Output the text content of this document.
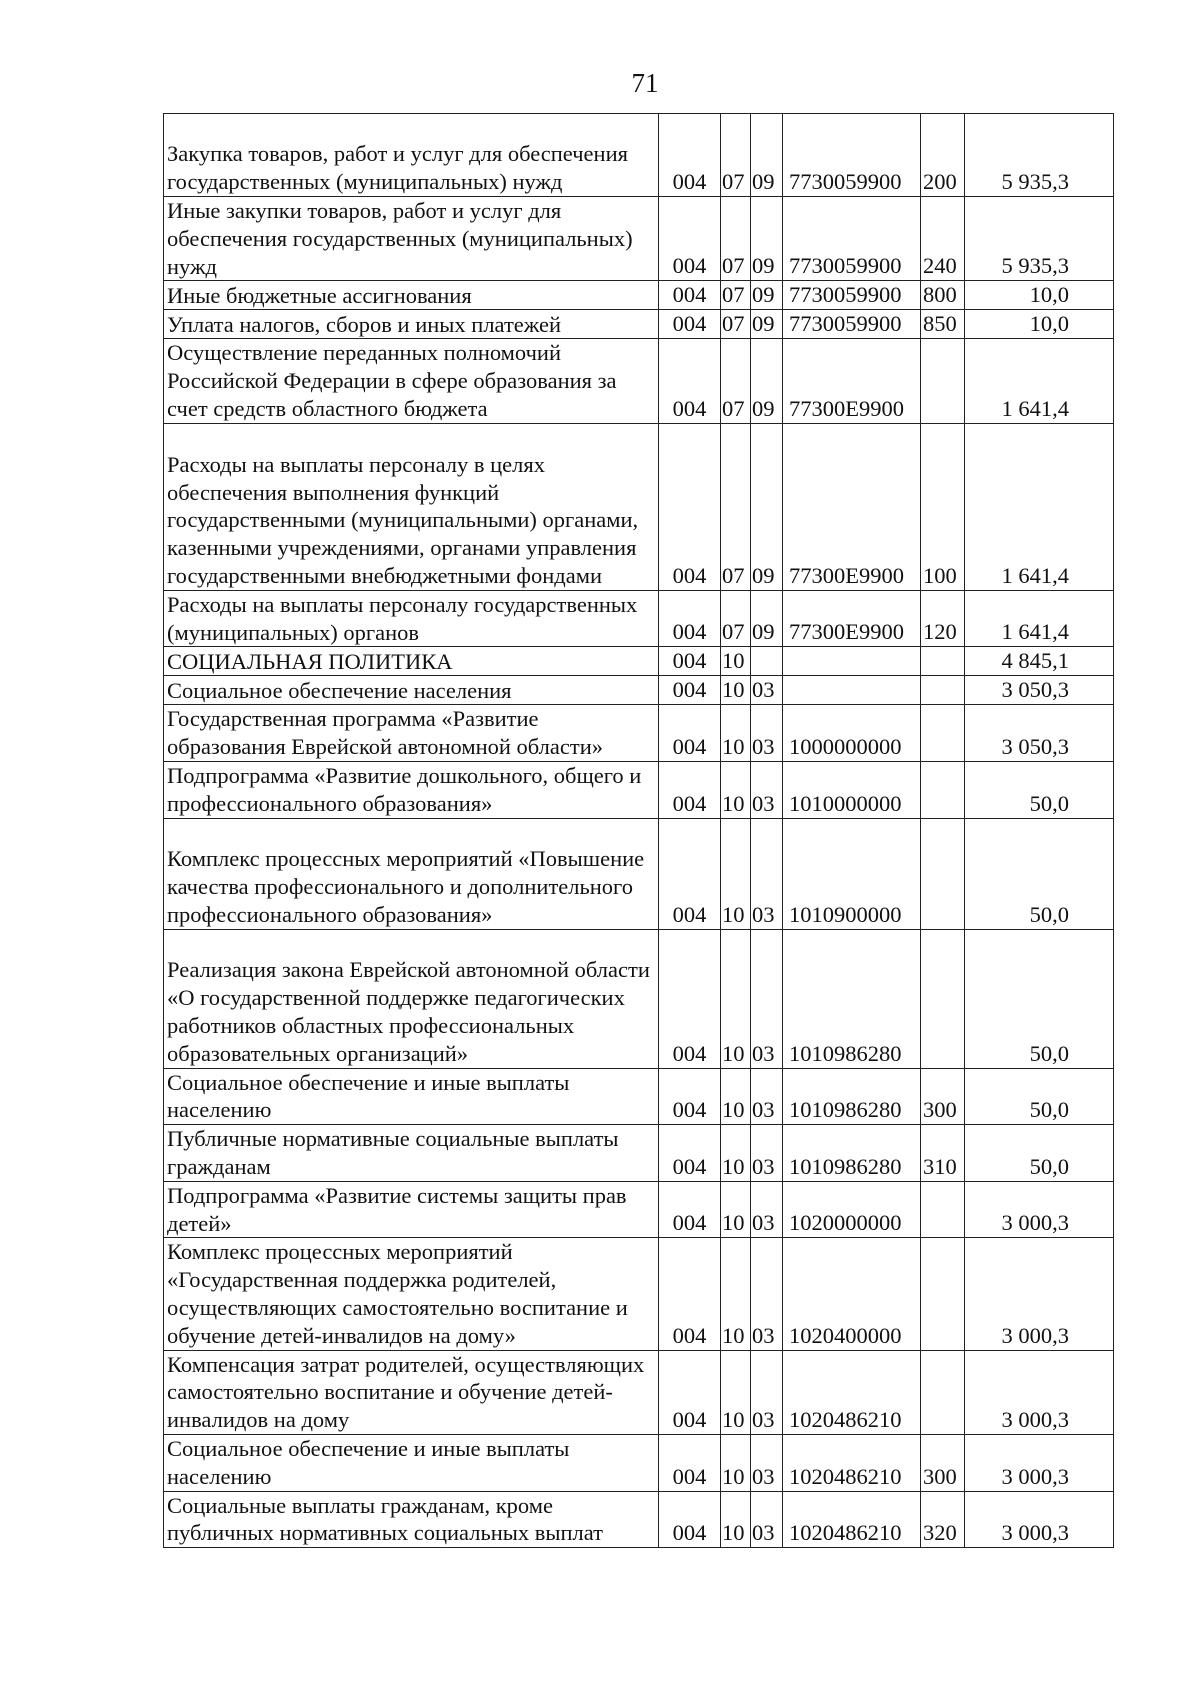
71
Закупка товаров, работ и услуг для обеспечения государственных (муниципальных) нужд	004	07	09	7730059900	200	5 935,3
Иные закупки товаров, работ и услуг для обеспечения государственных (муниципальных) нужд	004	07	09	7730059900	240	5 935,3
Иные бюджетные ассигнования	004	07	09	7730059900	800	10,0
Уплата налогов, сборов и иных платежей	004	07	09	7730059900	850	10,0
Осуществление переданных полномочий Российской Федерации в сфере образования за счет средств областного бюджета	004	07	09	77300E9900		1 641,4
Расходы на выплаты персоналу в целях обеспечения выполнения функций государственными (муниципальными) органами, казенными учреждениями, органами управления государственными внебюджетными фондами	004	07	09	77300E9900	100	1 641,4
Расходы на выплаты персоналу государственных (муниципальных) органов	004	07	09	77300E9900	120	1 641,4
СОЦИАЛЬНАЯ ПОЛИТИКА	004	10				4 845,1
Социальное обеспечение населения	004	10	03			3 050,3
Государственная программа «Развитие образования Еврейской автономной области»	004	10	03	1000000000		3 050,3
Подпрограмма «Развитие дошкольного, общего и профессионального образования»	004	10	03	1010000000		50,0
Комплекс процессных мероприятий «Повышение качества профессионального и дополнительного профессионального образования»	004	10	03	1010900000		50,0
Реализация закона Еврейской автономной области «О государственной поддержке педагогических работников областных профессиональных образовательных организаций»	004	10	03	1010986280		50,0
Социальное обеспечение и иные выплаты населению	004	10	03	1010986280	300	50,0
Публичные нормативные социальные выплаты гражданам	004	10	03	1010986280	310	50,0
Подпрограмма «Развитие системы защиты прав детей»	004	10	03	1020000000		3 000,3
Комплекс процессных мероприятий «Государственная поддержка родителей, осуществляющих самостоятельно воспитание и обучение детей-инвалидов на дому»	004	10	03	1020400000		3 000,3
Компенсация затрат родителей, осуществляющих самостоятельно воспитание и обучение детей-инвалидов на дому	004	10	03	1020486210		3 000,3
Социальное обеспечение и иные выплаты населению	004	10	03	1020486210	300	3 000,3
Социальные выплаты гражданам, кроме публичных нормативных социальных выплат	004	10	03	1020486210	320	3 000,3
